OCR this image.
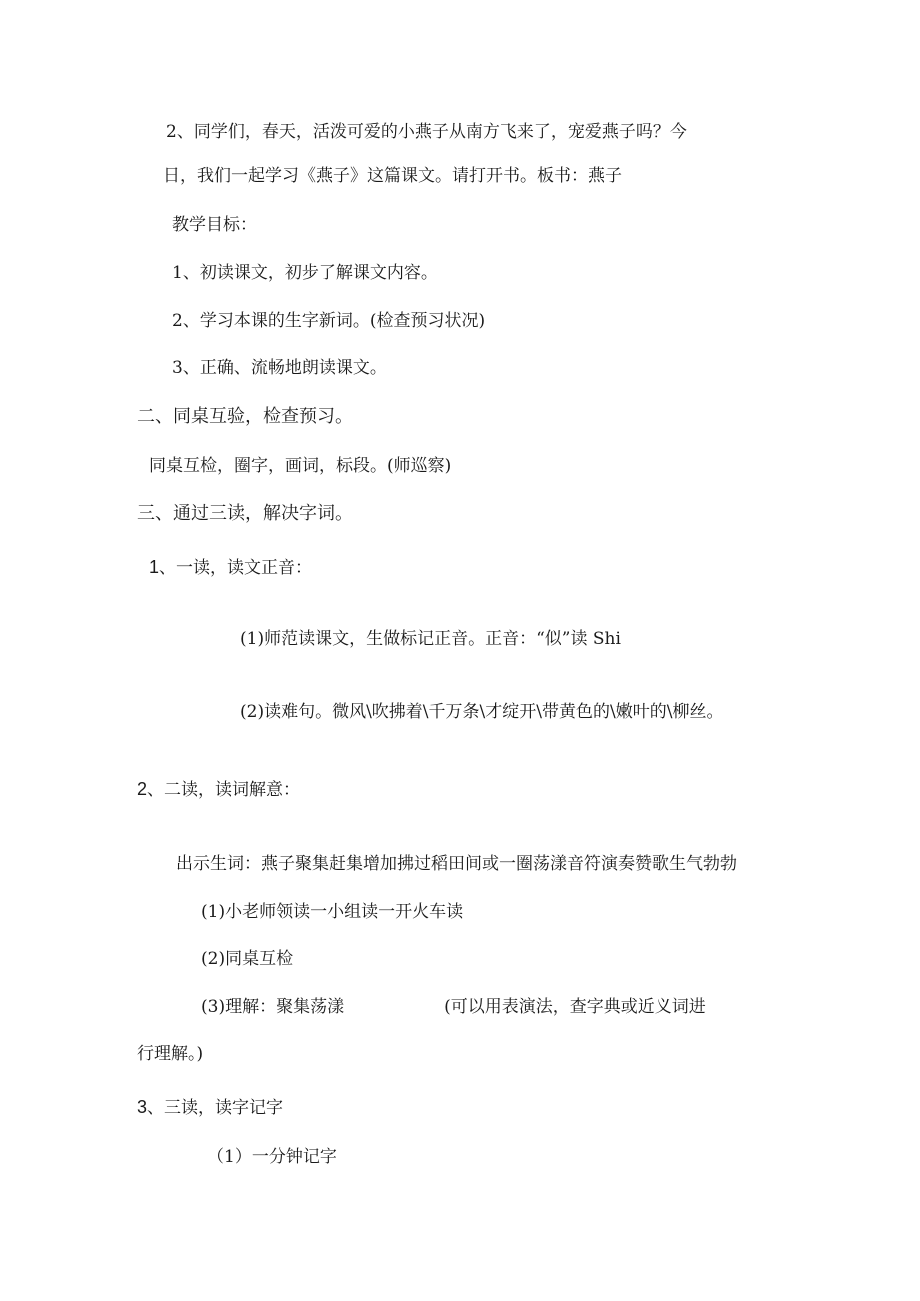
2、同学们，春天，活泼可爱的小燕子从南方飞来了，宠爱燕子吗？今
日，我们一起学习《燕子》这篇课文。请打开书。板书：燕子
教学目标：
1、初读课文，初步了解课文内容。
2、学习本课的生字新词。(检查预习状况)
3、正确、流畅地朗读课文。
二、同桌互验，检查预习。
同桌互检，圈字，画词，标段。(师巡察)
三、通过三读，解决字词。
1、一读，读文正音：
(1)师范读课文，生做标记正音。正音：“似”读 Shi
(2)读难句。微风\吹拂着\千万条\才绽开\带黄色的\嫩叶的\柳丝。
2、二读，读词解意：
出示生词：燕子聚集赶集增加拂过稻田间或一圈荡漾音符演奏赞歌生气勃勃
(1)小老师领读一小组读一开火车读
(2)同桌互检
(3)理解：聚集荡漾	(可以用表演法，查字典或近义词进
行理解。)
3、三读，读字记字
（1）一分钟记字
